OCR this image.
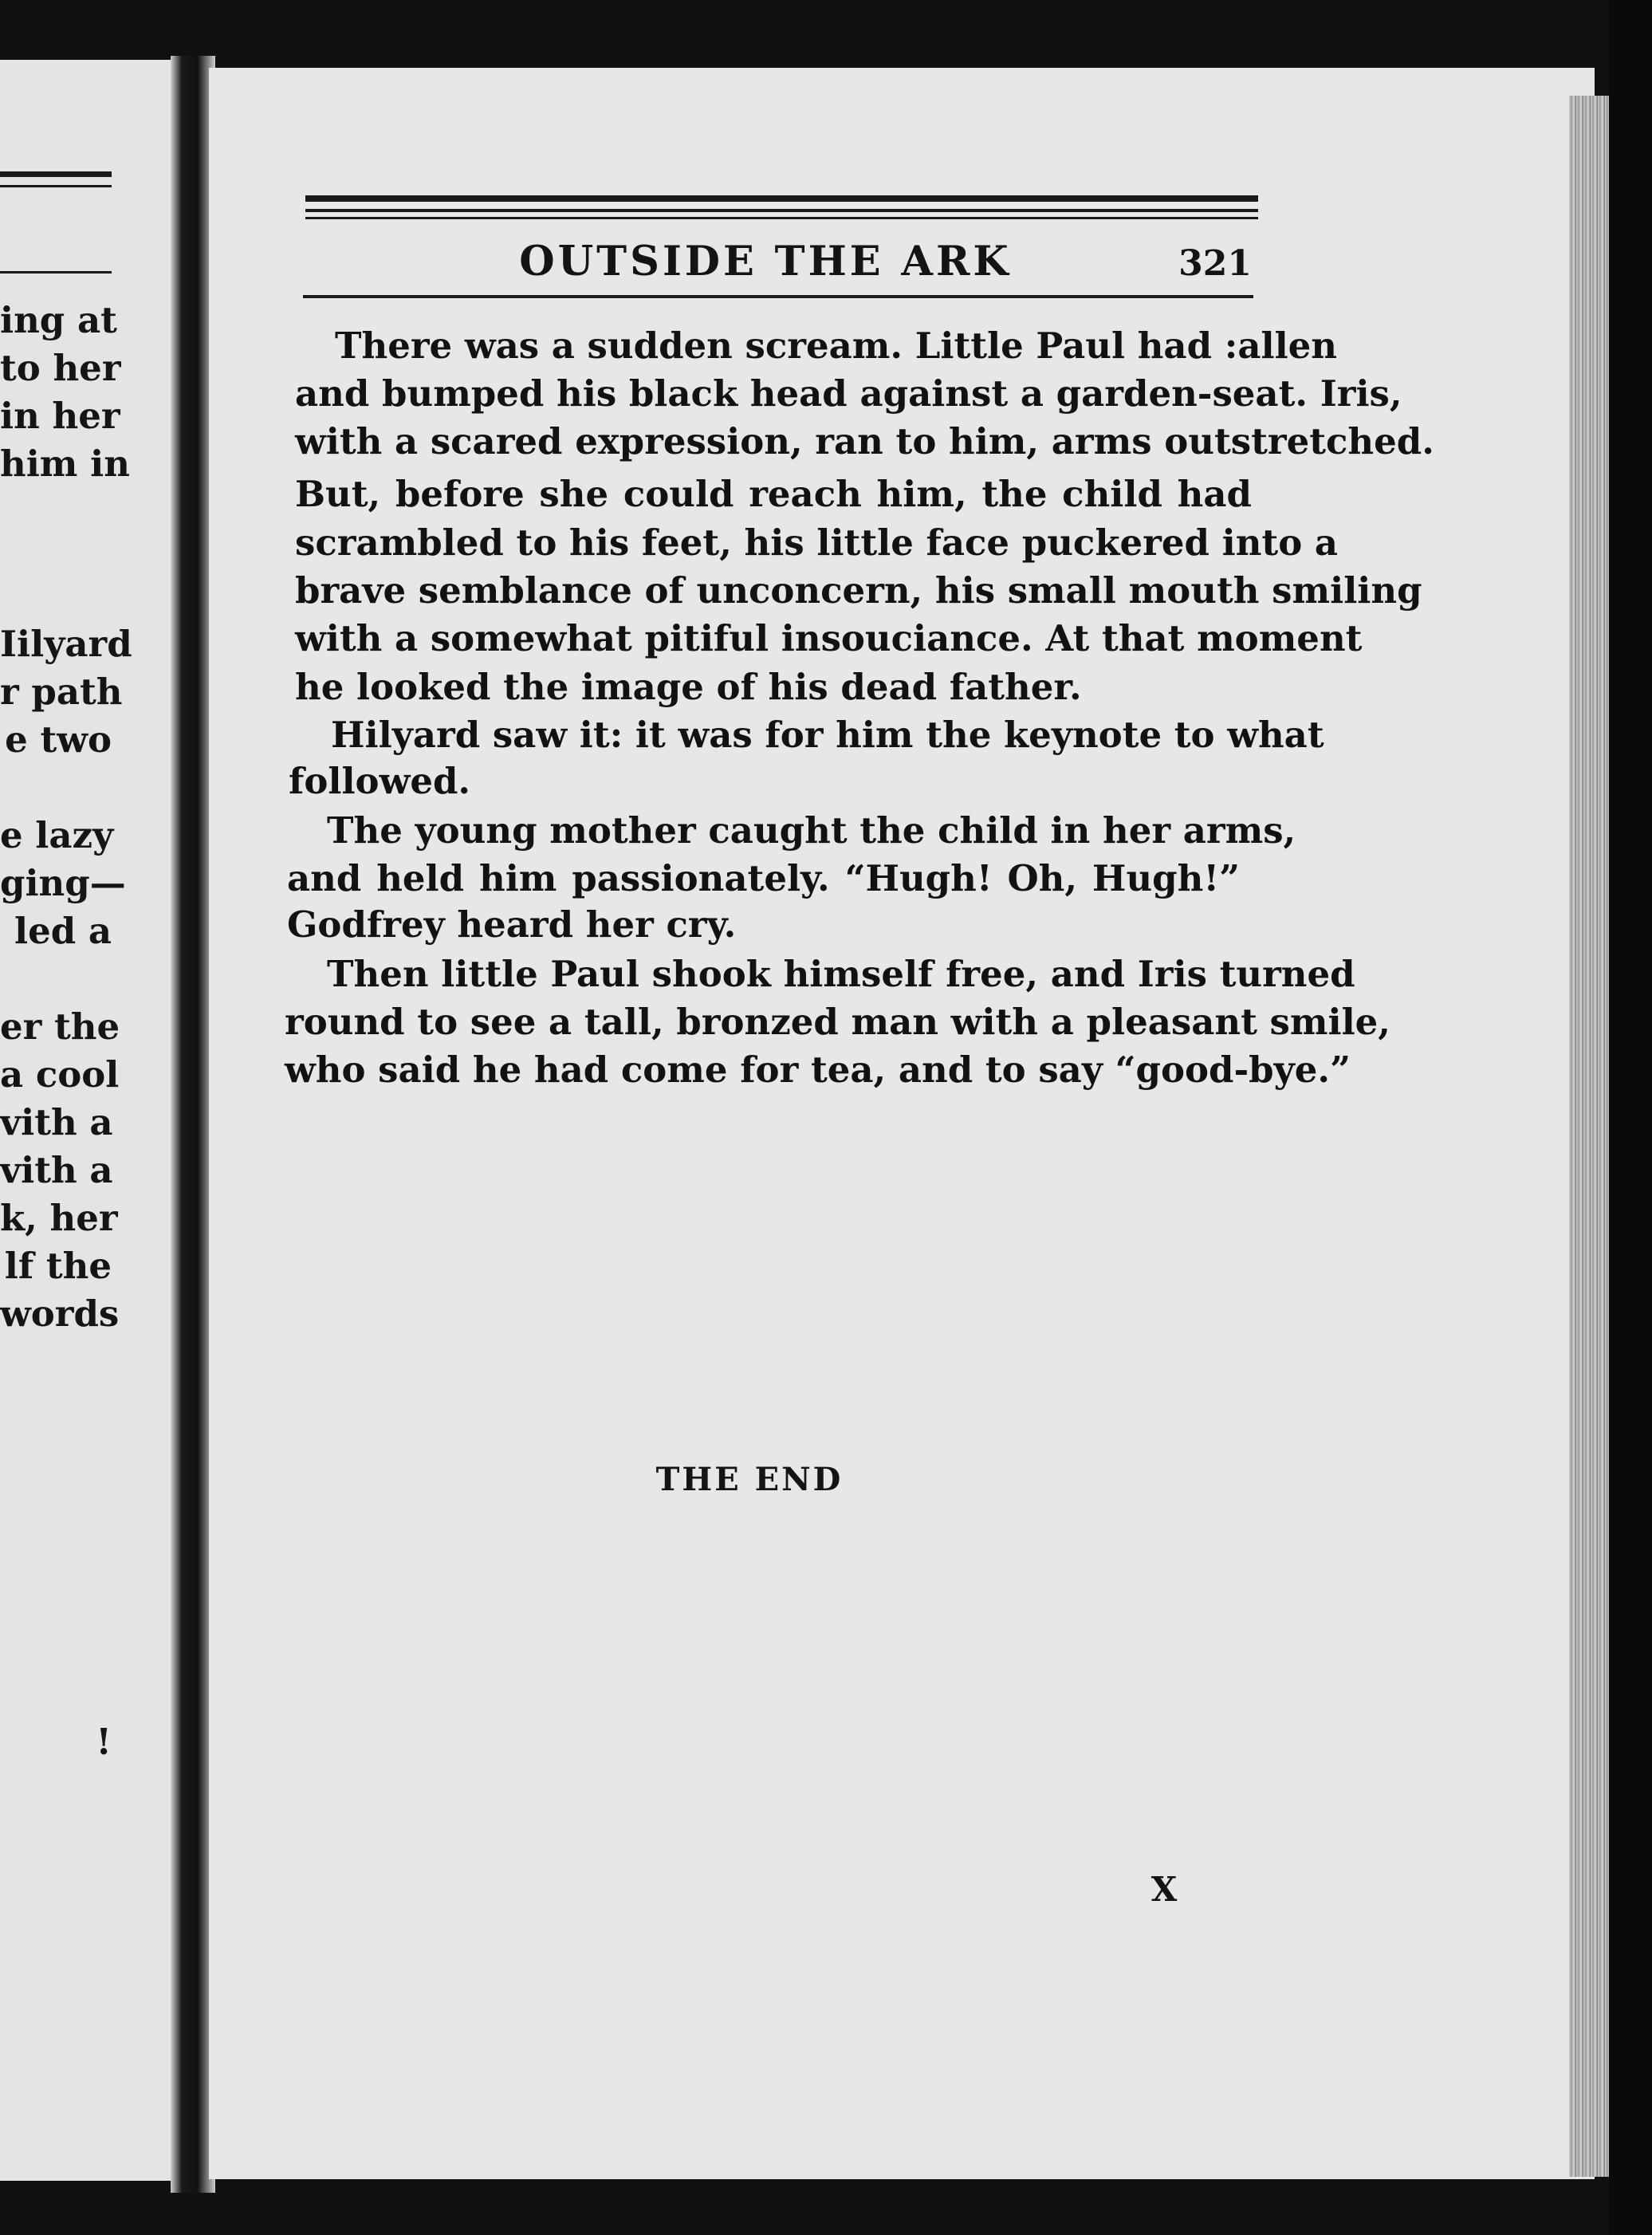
ing at
to her
in her
him in
Iilyard
r path
e two
e lazy
ging—
led a
er the
a cool
vith a
vith a
k, her
lf the
words
!
OUTSIDE THE ARK	321
There was a sudden scream. Little Paul had :allen
and bumped his black head against a garden-seat. Iris,
with a scared expression, ran to him, arms outstretched.
But, before she could reach him, the child had
scrambled to his feet, his little face puckered into a
brave semblance of unconcern, his small mouth smiling
with a somewhat pitiful insouciance. At that moment
he looked the image of his dead father.
Hilyard saw it: it was for him the keynote to what
followed.
The young mother caught the child in her arms,
and held him passionately. “Hugh! Oh, Hugh!”
Godfrey heard her cry.
Then little Paul shook himself free, and Iris turned
round to see a tall, bronzed man with a pleasant smile,
who said he had come for tea, and to say “good-bye.”
THE END
X
